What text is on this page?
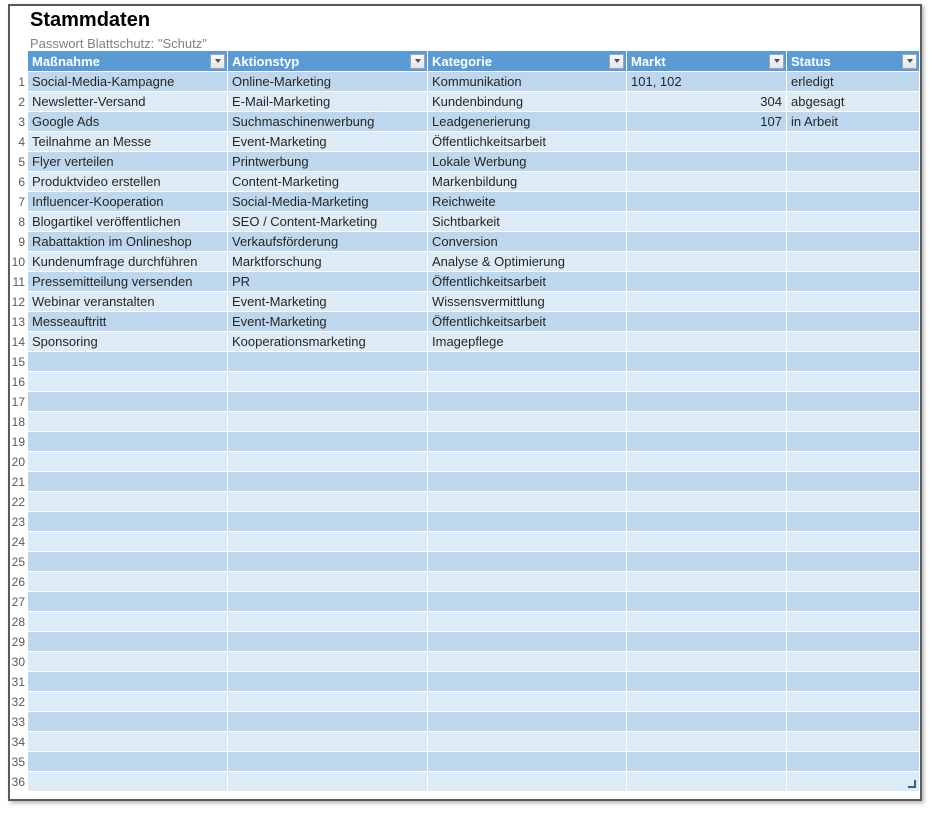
Stammdaten
Passwort Blattschutz: "Schutz"
Maßnahme	Aktionstyp	Kategorie	Markt	Status
1 Social-Media-Kampagne	Online-Marketing	Kommunikation	101, 102	erledigt
2 Newsletter-Versand	E-Mail-Marketing	Kundenbindung	304 abgesagt
3 Google Ads	Suchmaschinenwerbung	Leadgenerierung	107 in Arbeit
4 Teilnahme an Messe	Event-Marketing	Öffentlichkeitsarbeit
5 Flyer verteilen	Printwerbung	Lokale Werbung
6 Produktvideo erstellen	Content-Marketing	Markenbildung
7 Influencer-Kooperation	Social-Media-Marketing	Reichweite
8 Blogartikel veröffentlichen	SEO / Content-Marketing	Sichtbarkeit
9 Rabattaktion im Onlineshop	Verkaufsförderung	Conversion
10 Kundenumfrage durchführen	Marktforschung	Analyse & Optimierung
11 Pressemitteilung versenden	PR	Öffentlichkeitsarbeit
12 Webinar veranstalten	Event-Marketing	Wissensvermittlung
13 Messeauftritt	Event-Marketing	Öffentlichkeitsarbeit
14 Sponsoring	Kooperationsmarketing	Imagepflege
15
16
17
18
19
20
21
22
23
24
25
26
27
28
29
30
31
32
33
34
35
36
